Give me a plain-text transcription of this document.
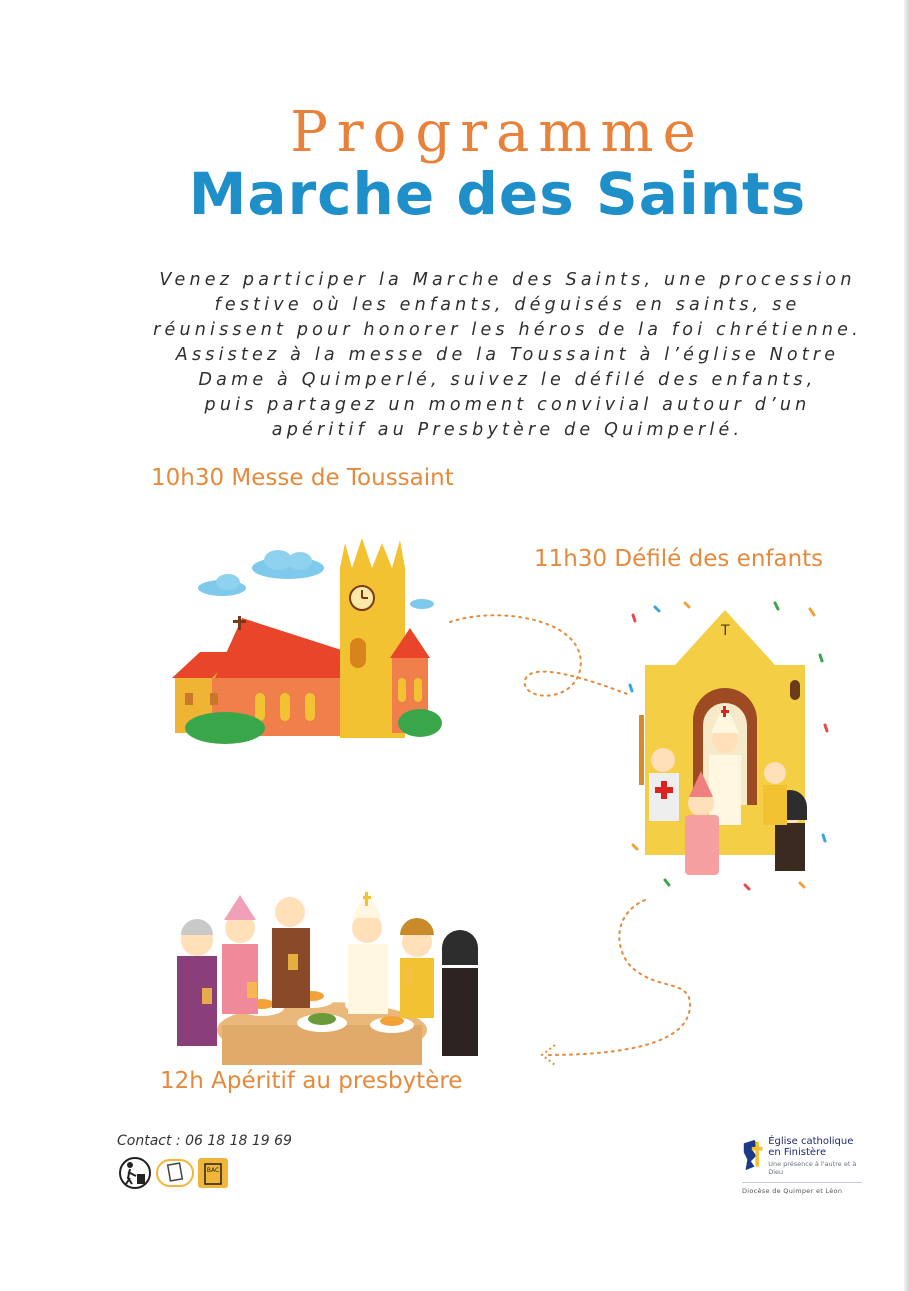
Programme
Marche des Saints
Venez participer la Marche des Saints, une procession
festive où les enfants, déguisés en saints, se
réunissent pour honorer les héros de la foi chrétienne.
Assistez à la messe de la Toussaint à l’église Notre
Dame à Quimperlé, suivez le défilé des enfants,
puis partagez un moment convivial autour d’un
apéritif au Presbytère de Quimperlé.
10h30 Messe de Toussaint
11h30 Défilé des enfants
12h Apéritif au presbytère
T
Contact : 06 18 18 19 69
BAC
Église catholique
en Finistère
Une présence à l'autre et à Dieu
Diocèse de Quimper et Léon
